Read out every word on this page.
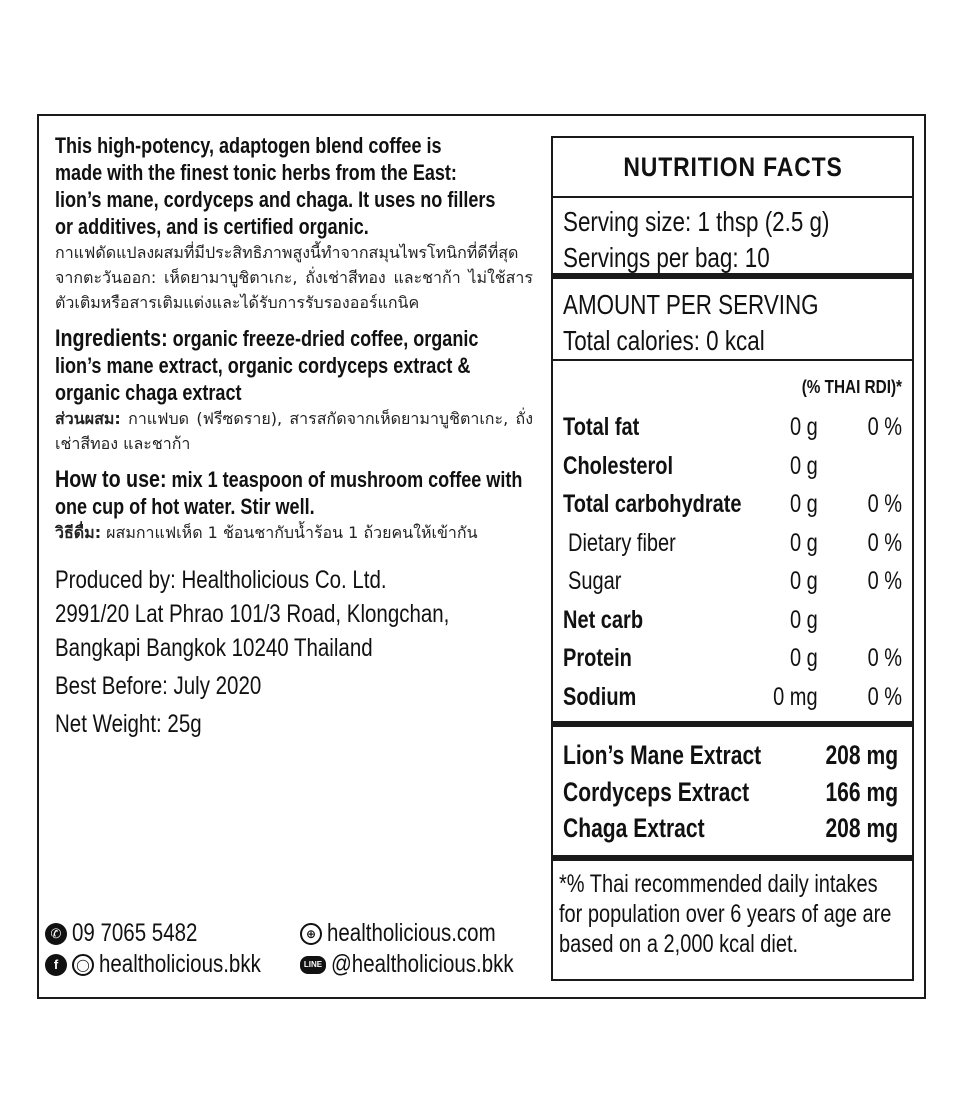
This high-potency, adaptogen blend coffee is
made with the finest tonic herbs from the East:
lion’s mane, cordyceps and chaga. It uses no fillers
or additives, and is certified organic.
กาแฟดัดแปลงผสมที่มีประสิทธิภาพสูงนี้ทำจากสมุนไพรโทนิกที่ดีที่สุดจากตะวันออก: เห็ดยามาบูชิตาเกะ, ถั่งเช่าสีทอง และชาก้า ไม่ใช้สารตัวเติมหรือสารเติมแต่งและได้รับการรับรองออร์แกนิค
Ingredients: organic freeze-dried coffee, organic
lion’s mane extract, organic cordyceps extract &
organic chaga extract
ส่วนผสม: กาแฟบด (ฟรีซดราย), สารสกัดจากเห็ดยามาบูชิตาเกะ, ถั่งเช่าสีทอง และชาก้า
How to use: mix 1 teaspoon of mushroom coffee with
one cup of hot water. Stir well.
วิธีดื่ม: ผสมกาแฟเห็ด 1 ช้อนชากับน้ำร้อน 1 ถ้วยคนให้เข้ากัน
Produced by: Healtholicious Co. Ltd.
2991/20 Lat Phrao 101/3 Road, Klongchan,
Bangkapi Bangkok 10240 Thailand
Best Before: July 2020
Net Weight: 25g
✆ 09 7065 5482	⊕ healtholicious.com
f	◯ healtholicious.bkk	LINE @healtholicious.bkk
NUTRITION FACTS
Serving size: 1 thsp (2.5 g)
Servings per bag: 10
AMOUNT PER SERVING
Total calories: 0 kcal
(% THAI RDI)*
Total fat	0 g	0 %
Cholesterol	0 g
Total carbohydrate	0 g	0 %
Dietary fiber	0 g	0 %
Sugar	0 g	0 %
Net carb	0 g
Protein	0 g	0 %
Sodium	0 mg	0 %
Lion’s Mane Extract	208 mg
Cordyceps Extract	166 mg
Chaga Extract	208 mg
*% Thai recommended daily intakes
for population over 6 years of age are
based on a 2,000 kcal diet.
